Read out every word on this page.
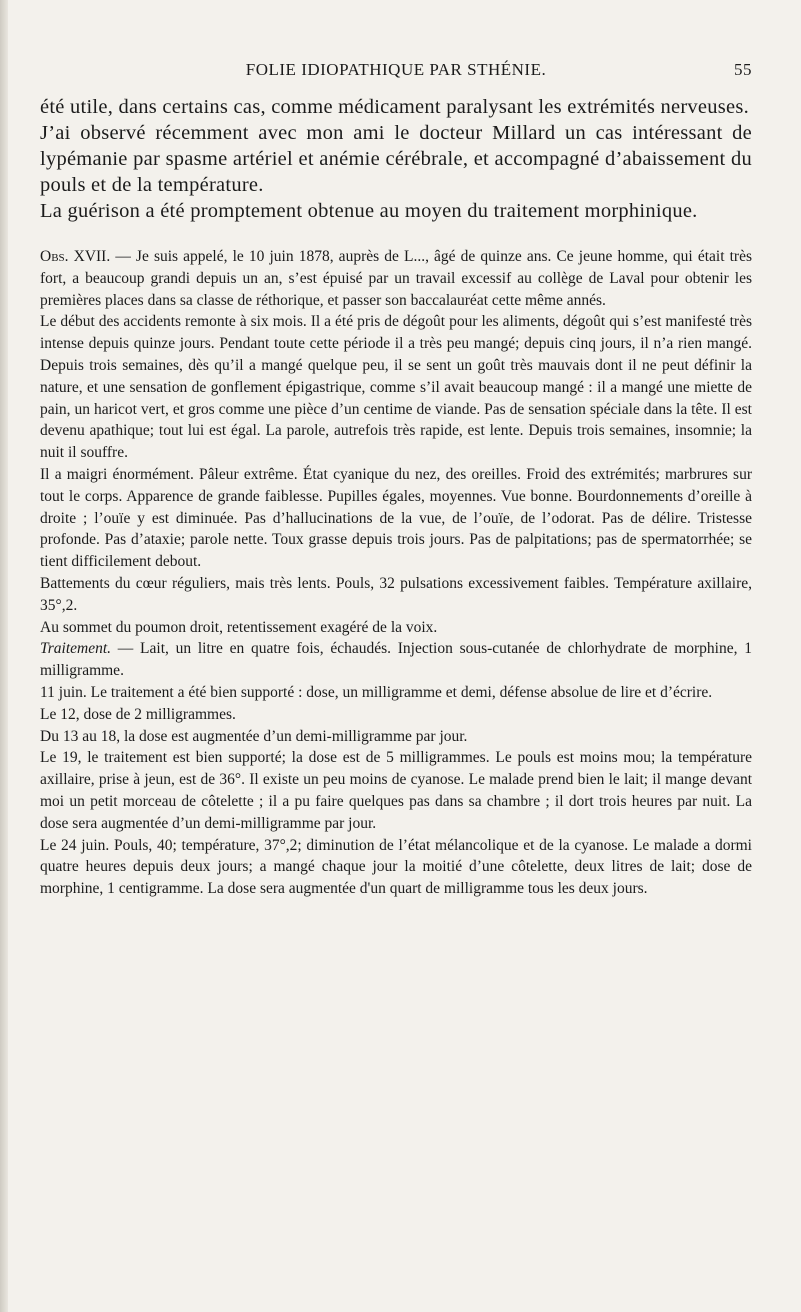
FOLIE IDIOPATHIQUE PAR STHÉNIE.	55

été utile, dans certains cas, comme médicament paralysant les extrémités nerveuses.

J’ai observé récemment avec mon ami le docteur Millard un cas intéressant de lypémanie par spasme artériel et anémie cérébrale, et accompagné d’abaissement du pouls et de la température.

La guérison a été promptement obtenue au moyen du traitement morphinique.

Obs. XVII. — Je suis appelé, le 10 juin 1878, auprès de L..., âgé de quinze ans. Ce jeune homme, qui était très fort, a beaucoup grandi depuis un an, s’est épuisé par un travail excessif au collège de Laval pour obtenir les premières places dans sa classe de réthorique, et passer son baccalauréat cette même annés.

Le début des accidents remonte à six mois. Il a été pris de dégoût pour les aliments, dégoût qui s’est manifesté très intense depuis quinze jours. Pendant toute cette période il a très peu mangé; depuis cinq jours, il n’a rien mangé. Depuis trois semaines, dès qu’il a mangé quelque peu, il se sent un goût très mauvais dont il ne peut définir la nature, et une sensation de gonflement épigastrique, comme s’il avait beaucoup mangé : il a mangé une miette de pain, un haricot vert, et gros comme une pièce d’un centime de viande. Pas de sensation spéciale dans la tête. Il est devenu apathique; tout lui est égal. La parole, autrefois très rapide, est lente. Depuis trois semaines, insomnie; la nuit il souffre.

Il a maigri énormément. Pâleur extrême. État cyanique du nez, des oreilles. Froid des extrémités; marbrures sur tout le corps. Apparence de grande faiblesse. Pupilles égales, moyennes. Vue bonne. Bourdonnements d’oreille à droite ; l’ouïe y est diminuée. Pas d’hallucinations de la vue, de l’ouïe, de l’odorat. Pas de délire. Tristesse profonde. Pas d’ataxie; parole nette. Toux grasse depuis trois jours. Pas de palpitations; pas de spermatorrhée; se tient difficilement debout.

Battements du cœur réguliers, mais très lents. Pouls, 32 pulsations excessivement faibles. Température axillaire, 35°,2.

Au sommet du poumon droit, retentissement exagéré de la voix.

Traitement. — Lait, un litre en quatre fois, échaudés. Injection sous-cutanée de chlorhydrate de morphine, 1 milligramme.

11 juin. Le traitement a été bien supporté : dose, un milligramme et demi, défense absolue de lire et d’écrire.

Le 12, dose de 2 milligrammes.

Du 13 au 18, la dose est augmentée d’un demi-milligramme par jour.

Le 19, le traitement est bien supporté; la dose est de 5 milligrammes. Le pouls est moins mou; la température axillaire, prise à jeun, est de 36°. Il existe un peu moins de cyanose. Le malade prend bien le lait; il mange devant moi un petit morceau de côtelette ; il a pu faire quelques pas dans sa chambre ; il dort trois heures par nuit. La dose sera augmentée d’un demi-milligramme par jour.

Le 24 juin. Pouls, 40; température, 37°,2; diminution de l’état mélancolique et de la cyanose. Le malade a dormi quatre heures depuis deux jours; a mangé chaque jour la moitié d’une côtelette, deux litres de lait; dose de morphine, 1 centigramme. La dose sera augmentée d'un quart de milligramme tous les deux jours.
